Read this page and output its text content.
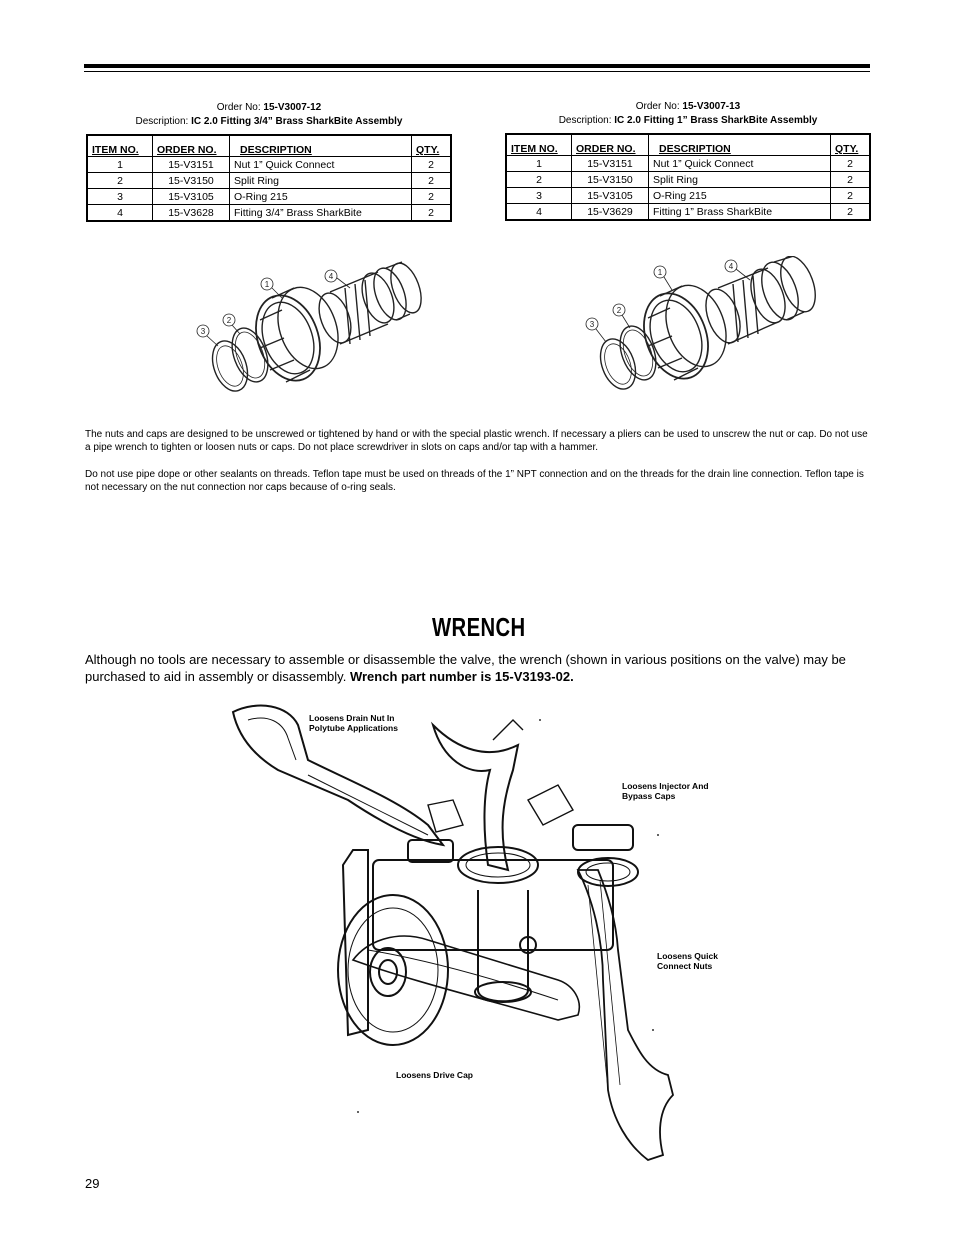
Order No: 15-V3007-12
Description: IC 2.0 Fitting 3/4” Brass SharkBite Assembly
ITEM NO.	ORDER NO.	DESCRIPTION	QTY.
1	15-V3151	Nut 1” Quick Connect	2
2	15-V3150	Split Ring	2
3	15-V3105	O-Ring 215	2
4	15-V3628	Fitting 3/4” Brass SharkBite	2
Order No: 15-V3007-13
Description: IC 2.0 Fitting 1” Brass SharkBite Assembly
ITEM NO.	ORDER NO.	DESCRIPTION	QTY.
1	15-V3151	Nut 1” Quick Connect	2
2	15-V3150	Split Ring	2
3	15-V3105	O-Ring 215	2
4	15-V3629	Fitting 1” Brass SharkBite	2
1
4
2
3
1
4
2
3
The nuts and caps are designed to be unscrewed or tightened by hand or with the special plastic wrench. If necessary a pliers can be used to unscrew the nut or cap. Do not use a pipe wrench to tighten or loosen nuts or caps. Do not place screwdriver in slots on caps and/or tap with a hammer.
Do not use pipe dope or other sealants on threads. Teflon tape must be used on threads of the 1” NPT connection and on the threads for the drain line connection. Teflon tape is not necessary on the nut connection nor caps because of o-ring seals.
WRENCH
Although no tools are necessary to assemble or disassemble the valve, the wrench (shown in various positions on the valve) may be purchased to aid in assembly or disassembly. Wrench part number is 15-V3193-02.
Loosens Drain Nut In
Polytube Applications
Loosens Injector And
Bypass Caps
Loosens Quick
Connect Nuts
Loosens Drive Cap
29
